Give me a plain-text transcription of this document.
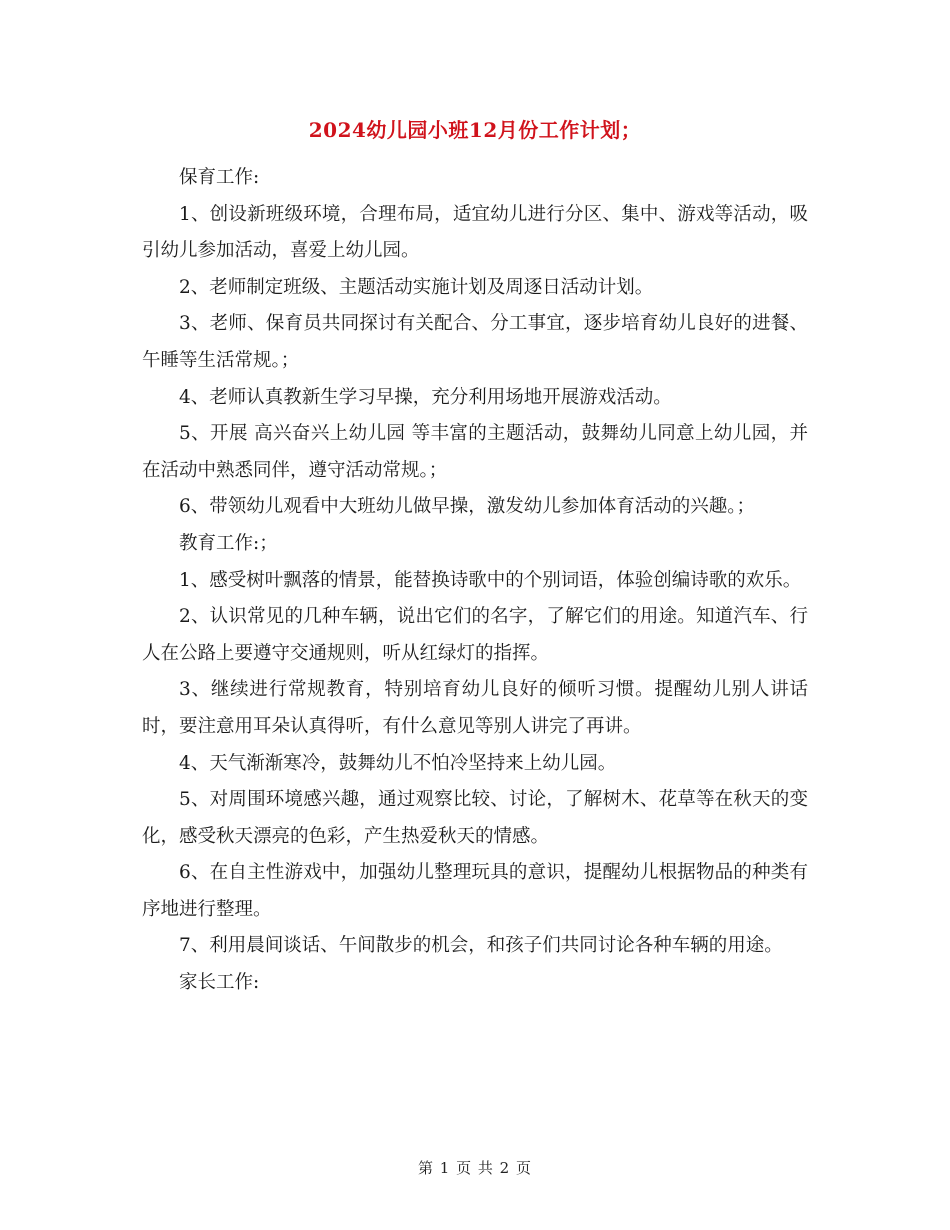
2024幼儿园小班12月份工作计划；

保育工作:

1、创设新班级环境，合理布局，适宜幼儿进行分区、集中、游戏等活动，吸引幼儿参加活动，喜爱上幼儿园。

2、老师制定班级、主题活动实施计划及周逐日活动计划。

3、老师、保育员共同探讨有关配合、分工事宜，逐步培育幼儿良好的进餐、午睡等生活常规。；

4、老师认真教新生学习早操，充分利用场地开展游戏活动。

5、开展 高兴奋兴上幼儿园 等丰富的主题活动，鼓舞幼儿同意上幼儿园，并在活动中熟悉同伴，遵守活动常规。；

6、带领幼儿观看中大班幼儿做早操，激发幼儿参加体育活动的兴趣。；

教育工作:；

1、感受树叶飘落的情景，能替换诗歌中的个别词语，体验创编诗歌的欢乐。

2、认识常见的几种车辆，说出它们的名字，了解它们的用途。知道汽车、行人在公路上要遵守交通规则，听从红绿灯的指挥。

3、继续进行常规教育，特别培育幼儿良好的倾听习惯。提醒幼儿别人讲话时，要注意用耳朵认真得听，有什么意见等别人讲完了再讲。

4、天气渐渐寒冷，鼓舞幼儿不怕冷坚持来上幼儿园。

5、对周围环境感兴趣，通过观察比较、讨论，了解树木、花草等在秋天的变化，感受秋天漂亮的色彩，产生热爱秋天的情感。

6、在自主性游戏中，加强幼儿整理玩具的意识，提醒幼儿根据物品的种类有序地进行整理。

7、利用晨间谈话、午间散步的机会，和孩子们共同讨论各种车辆的用途。

家长工作:

第 1 页 共 2 页
